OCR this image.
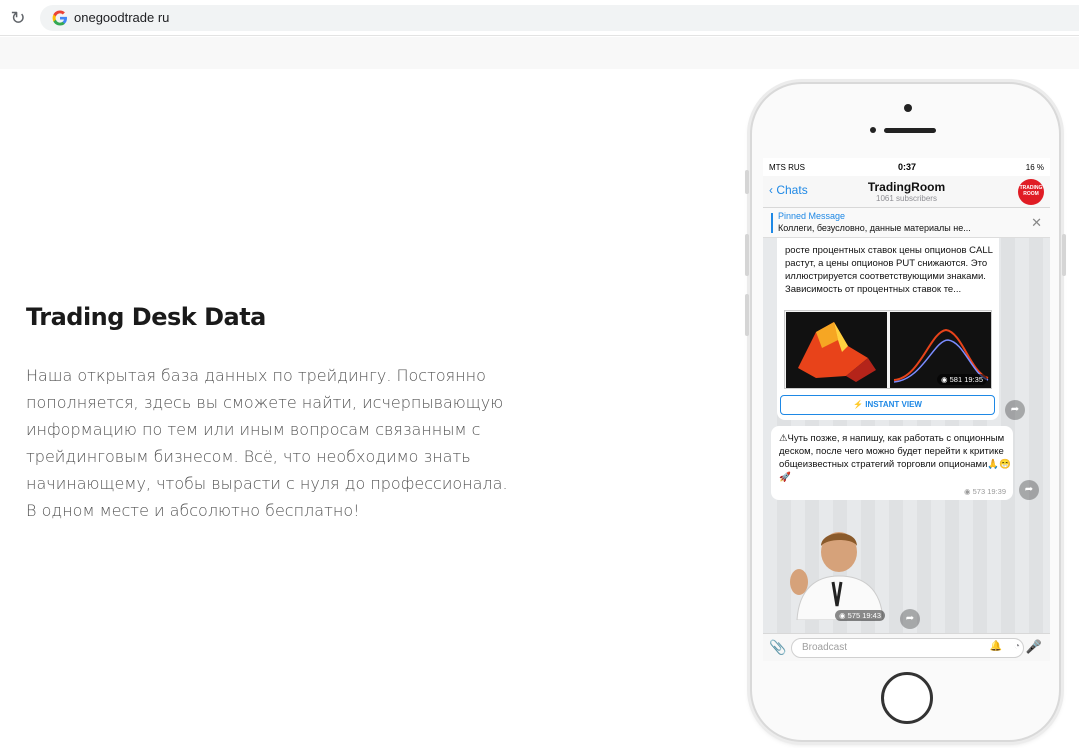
↻	onegoodtrade ru
Trading Desk Data

Наша открытая база данных по трейдингу. Постоянно пополняется, здесь вы сможете найти, исчерпывающую информацию по тем или иным вопросам связанным с трейдинговым бизнесом. Всё, что необходимо знать начинающему, чтобы вырасти с нуля до профессионала. В одном месте и абсолютно бесплатно!

MTS RUS	0:37	16 %
‹ Chats	TradingRoom
1061 subscribers
TRADING ROOM
Pinned Message
Коллеги, безусловно, данные материалы не...	✕
росте процентных ставок цены опционов CALL растут, а цены опционов PUT снижаются. Это иллюстрируется соответствующими знаками. Зависимость от процентных ставок те...
◉ 581 19:35
⚡ INSTANT VIEW	➦
⚠Чуть позже, я напишу, как работать с опционным деском, после чего можно будет перейти к критике общеизвестных стратегий торговли опционами🙏😁🚀
◉ 573 19:39	➦
◉ 575 19:43	➦
📎	Broadcast	🔔 ◔ 🎤
